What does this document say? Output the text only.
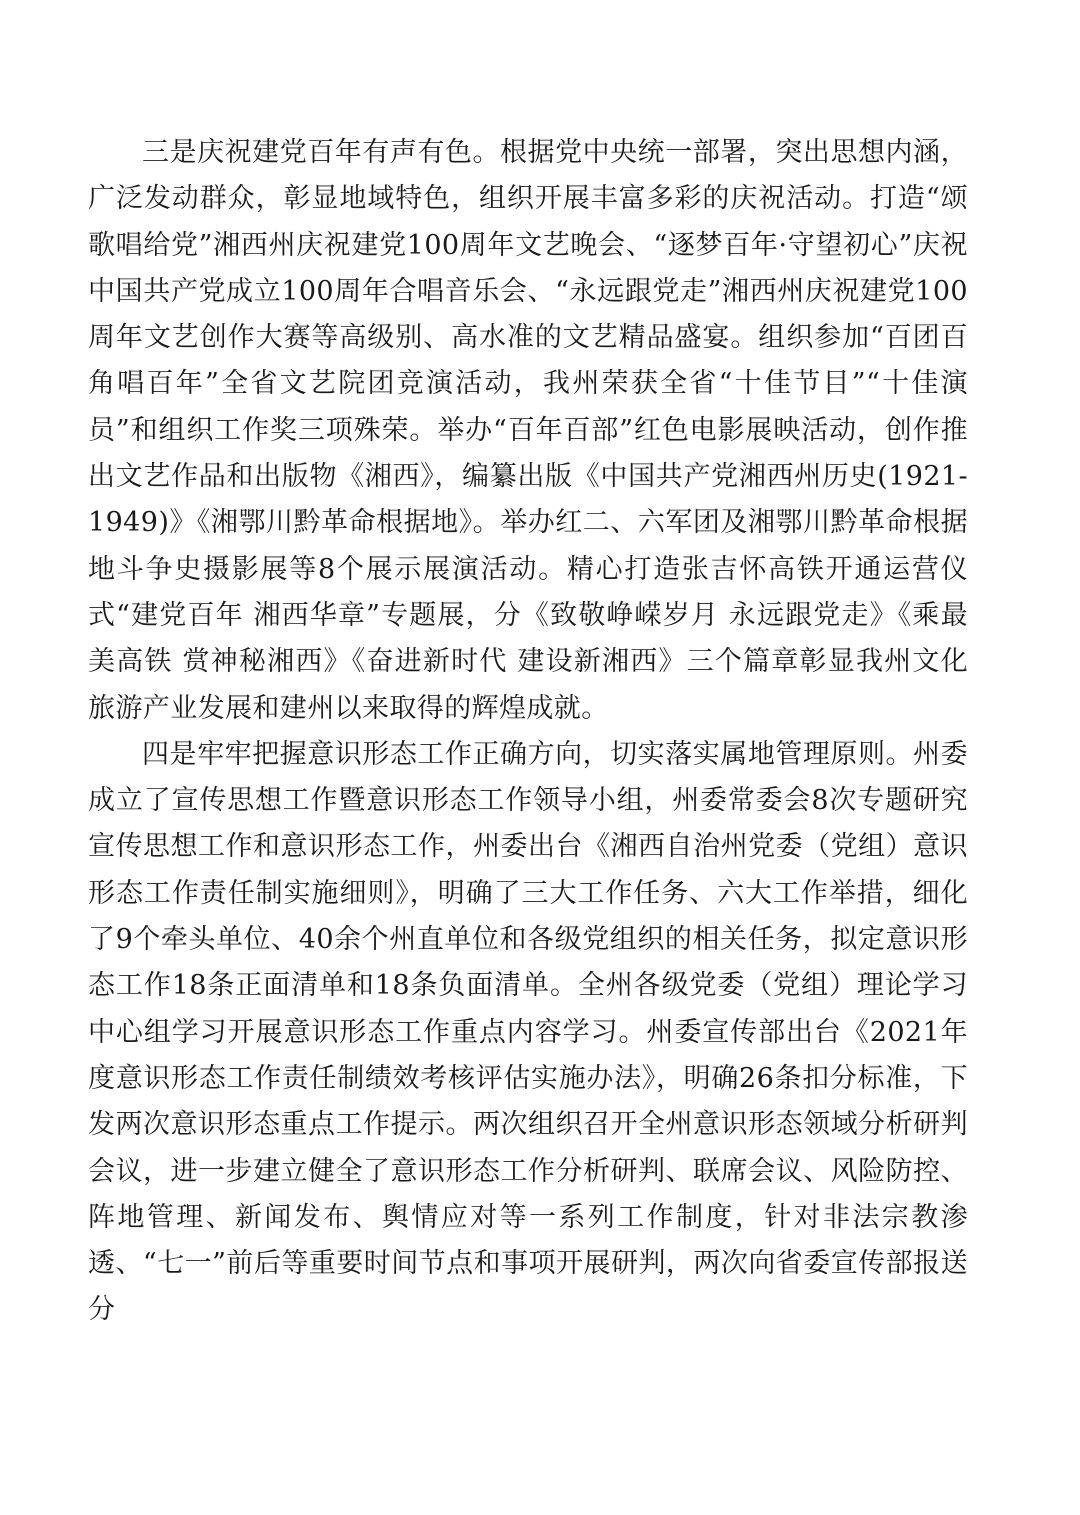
三是庆祝建党百年有声有色。根据党中央统一部署，突出思想内涵，广泛发动群众，彰显地域特色，组织开展丰富多彩的庆祝活动。打造“颂歌唱给党”湘西州庆祝建党100周年文艺晚会、“逐梦百年·守望初心”庆祝中国共产党成立100周年合唱音乐会、“永远跟党走”湘西州庆祝建党100周年文艺创作大赛等高级别、高水准的文艺精品盛宴。组织参加“百团百角唱百年”全省文艺院团竞演活动，我州荣获全省“十佳节目”“十佳演员”和组织工作奖三项殊荣。举办“百年百部”红色电影展映活动，创作推出文艺作品和出版物《湘西》，编纂出版《中国共产党湘西州历史(1921-1949)》《湘鄂川黔革命根据地》。举办红二、六军团及湘鄂川黔革命根据地斗争史摄影展等8个展示展演活动。精心打造张吉怀高铁开通运营仪式“建党百年 湘西华章”专题展，分《致敬峥嵘岁月 永远跟党走》《乘最美高铁 赏神秘湘西》《奋进新时代 建设新湘西》三个篇章彰显我州文化旅游产业发展和建州以来取得的辉煌成就。

四是牢牢把握意识形态工作正确方向，切实落实属地管理原则。州委成立了宣传思想工作暨意识形态工作领导小组，州委常委会8次专题研究宣传思想工作和意识形态工作，州委出台《湘西自治州党委（党组）意识形态工作责任制实施细则》，明确了三大工作任务、六大工作举措，细化了9个牵头单位、40余个州直单位和各级党组织的相关任务，拟定意识形态工作18条正面清单和18条负面清单。全州各级党委（党组）理论学习中心组学习开展意识形态工作重点内容学习。州委宣传部出台《2021年度意识形态工作责任制绩效考核评估实施办法》，明确26条扣分标准，下发两次意识形态重点工作提示。两次组织召开全州意识形态领域分析研判会议，进一步建立健全了意识形态工作分析研判、联席会议、风险防控、阵地管理、新闻发布、舆情应对等一系列工作制度，针对非法宗教渗透、“七一”前后等重要时间节点和事项开展研判，两次向省委宣传部报送分
